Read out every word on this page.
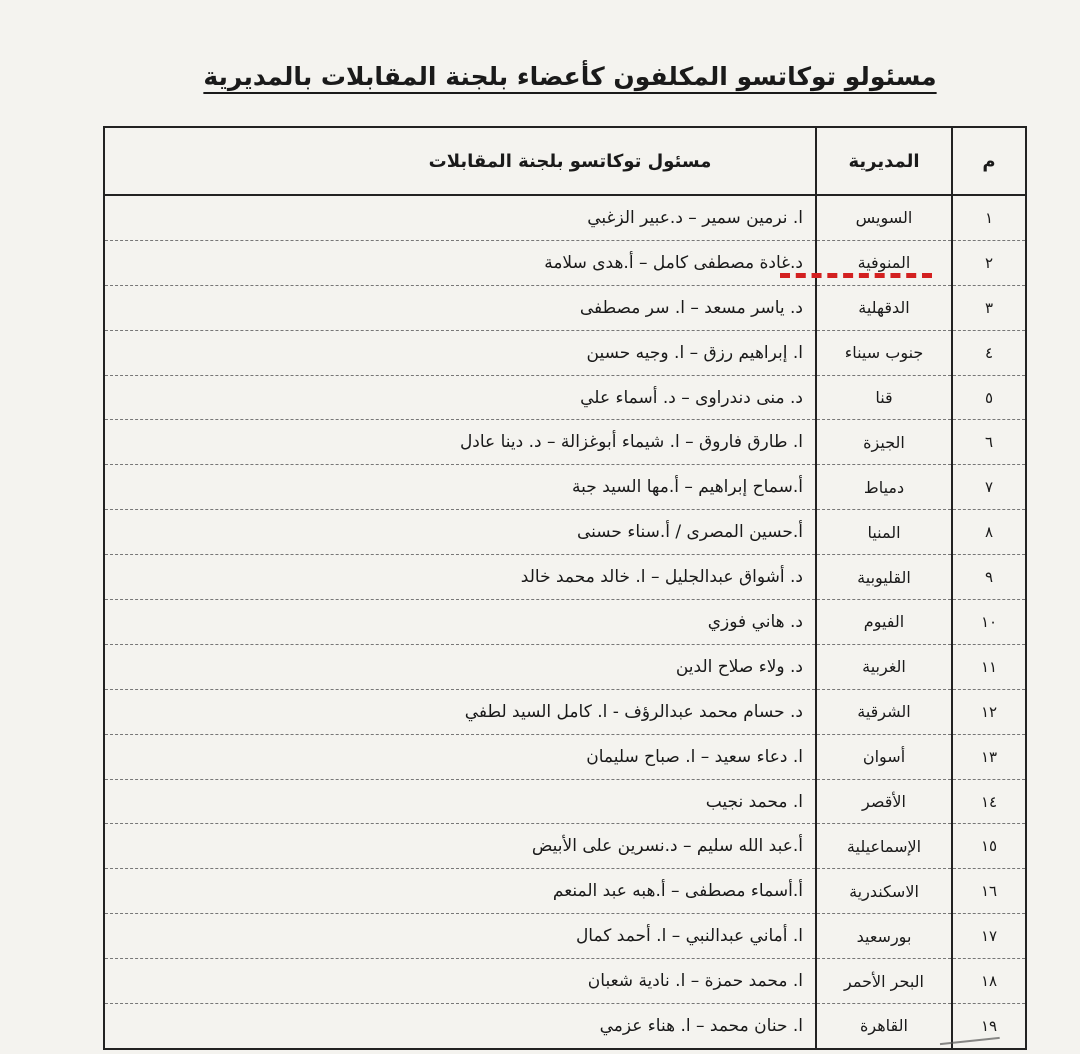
مسئولو توكاتسو المكلفون كأعضاء بلجنة المقابلات بالمديرية
م	المديرية	مسئول توكاتسو بلجنة المقابلات
١	السويس	ا. نرمين سمير – د.عبير الزغبي
٢	المنوفية	د.غادة مصطفى كامل – أ.هدى سلامة
٣	الدقهلية	د. ياسر مسعد – ا. سر مصطفى
٤	جنوب سيناء	ا. إبراهيم رزق – ا. وجيه حسين
٥	قنا	د. منى دندراوى – د. أسماء علي
٦	الجيزة	ا. طارق فاروق – ا. شيماء أبوغزالة – د. دينا عادل
٧	دمياط	أ.سماح إبراهيم – أ.مها السيد جبة
٨	المنيا	أ.حسين المصرى / أ.سناء حسنى
٩	القليوبية	د. أشواق عبدالجليل – ا. خالد محمد خالد
١٠	الفيوم	د. هاني فوزي
١١	الغربية	د. ولاء صلاح الدين
١٢	الشرقية	د. حسام محمد عبدالرؤف - ا. كامل السيد لطفي
١٣	أسوان	ا. دعاء سعيد – ا. صباح سليمان
١٤	الأقصر	ا. محمد نجيب
١٥	الإسماعيلية	أ.عبد الله سليم – د.نسرين على الأبيض
١٦	الاسكندرية	أ.أسماء مصطفى – أ.هبه عبد المنعم
١٧	بورسعيد	ا. أماني عبدالنبي – ا. أحمد كمال
١٨	البحر الأحمر	ا. محمد حمزة – ا. نادية شعبان
١٩	القاهرة	ا. حنان محمد – ا. هناء عزمي
